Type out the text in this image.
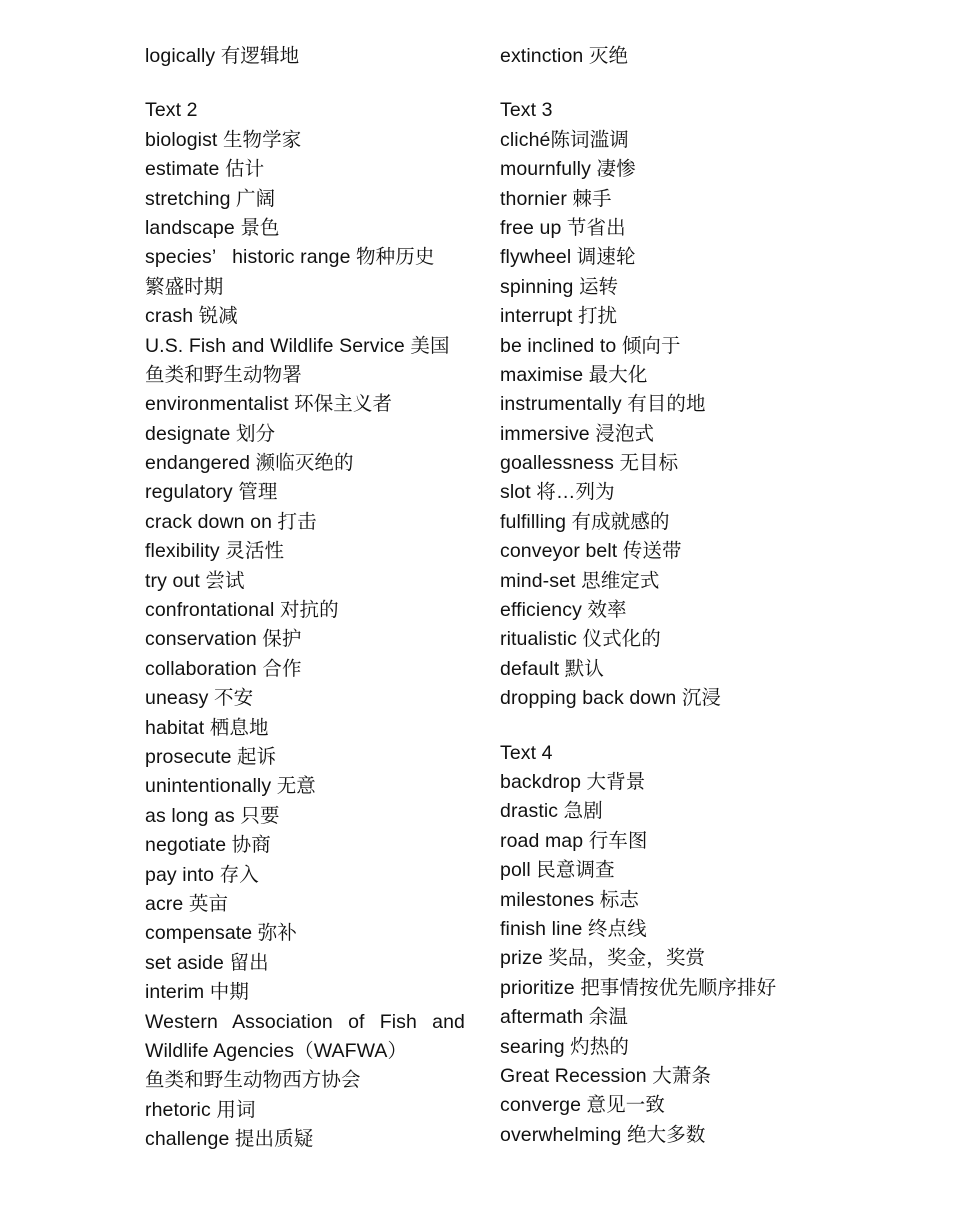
logically 有逻辑地
Text 2
biologist 生物学家
estimate 估计
stretching 广阔
landscape 景色
species’   historic range 物种历史
繁盛时期
crash 锐减
U.S. Fish and Wildlife Service 美国
鱼类和野生动物署
environmentalist 环保主义者
designate 划分
endangered 濒临灭绝的
regulatory 管理
crack down on 打击
flexibility 灵活性
try out 尝试
confrontational 对抗的
conservation 保护
collaboration 合作
uneasy 不安
habitat 栖息地
prosecute 起诉
unintentionally 无意
as long as 只要
negotiate 协商
pay into 存入
acre 英亩
compensate 弥补
set aside 留出
interim 中期
Western Association of Fish and
Wildlife Agencies（WAFWA）
鱼类和野生动物西方协会
rhetoric 用词
challenge 提出质疑
extinction 灭绝
Text 3
cliché陈词滥调
mournfully 凄惨
thornier 棘手
free up 节省出
flywheel 调速轮
spinning 运转
interrupt 打扰
be inclined to 倾向于
maximise 最大化
instrumentally 有目的地
immersive 浸泡式
goallessness 无目标
slot 将…列为
fulfilling 有成就感的
conveyor belt 传送带
mind-set 思维定式
efficiency 效率
ritualistic 仪式化的
default 默认
dropping back down 沉浸
Text 4
backdrop 大背景
drastic 急剧
road map 行车图
poll 民意调查
milestones 标志
finish line 终点线
prize 奖品，奖金，奖赏
prioritize 把事情按优先顺序排好
aftermath 余温
searing 灼热的
Great Recession 大萧条
converge 意见一致
overwhelming 绝大多数
